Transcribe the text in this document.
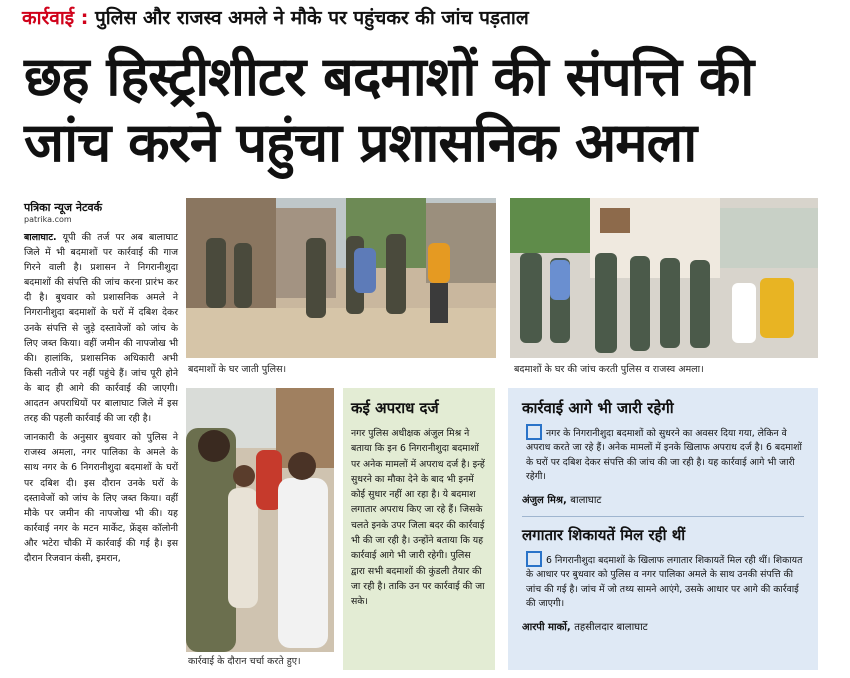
कार्रवाई : पुलिस और राजस्व अमले ने मौके पर पहुंचकर की जांच पड़ताल
छह हिस्ट्रीशीटर बदमाशों की संपत्ति की
जांच करने पहुंचा प्रशासनिक अमला
पत्रिका न्यूज नेटवर्क
patrika.com

बालाघाट. यूपी की तर्ज पर अब बालाघाट जिले में भी बदमाशों पर कार्रवाई की गाज गिरने वाली है। प्रशासन ने निगरानीशुदा बदमाशों की संपत्ति की जांच करना प्रारंभ कर दी है। बुधवार को प्रशासनिक अमले ने निगरानीशुदा बदमाशों के घरों में दबिश देकर उनके संपत्ति से जुड़े दस्तावेजों को जांच के लिए जब्त किया। वहीं जमीन की नापजोख भी की। हालांकि, प्रशासनिक अधिकारी अभी किसी नतीजे पर नहीं पहुंचे हैं। जांच पूरी होने के बाद ही आगे की कार्रवाई की जाएगी। आदतन अपराधियों पर बालाघाट जिले में इस तरह की पहली कार्रवाई की जा रही है।

जानकारी के अनुसार बुधवार को पुलिस ने राजस्व अमला, नगर पालिका के अमले के साथ नगर के 6 निगरानीशुदा बदमाशों के घरों पर दबिश दी। इस दौरान उनके घरों के दस्तावेजों को जांच के लिए जब्त किया। वहीं मौके पर जमीन की नापजोख भी की। यह कार्रवाई नगर के मटन मार्केट, फ्रेंड्स कॉलोनी और भटेरा चौकी में कार्रवाई की गई है। इस दौरान रिजवान कंसी, इमरान,

बदमाशों के घर जाती पुलिस।	बदमाशों के घर की जांच करती पुलिस व राजस्व अमला।
कार्रवाई के दौरान चर्चा करते हुए।
कई अपराध दर्ज
नगर पुलिस अधीक्षक अंजुल मिश्र ने बताया कि इन 6 निगरानीशुदा बदमाशों पर अनेक मामलों में अपराध दर्ज है। इन्हें सुधरने का मौका देने के बाद भी इनमें कोई सुधार नहीं आ रहा है। ये बदमाश लगातार अपराध किए जा रहे हैं। जिसके चलते इनके उपर जिला बदर की कार्रवाई भी की जा रही है। उन्होंने बताया कि यह कार्रवाई आगे भी जारी रहेगी। पुलिस द्वारा सभी बदमाशों की कुंडली तैयार की जा रही है। ताकि उन पर कार्रवाई की जा सके।
कार्रवाई आगे भी जारी रहेगी
नगर के निगरानीशुदा बदमाशों को सुधरने का अवसर दिया गया, लेकिन वे अपराध करते जा रहे हैं। अनेक मामलों में इनके खिलाफ अपराध दर्ज है। 6 बदमाशों के घरों पर दबिश देकर संपत्ति की जांच की जा रही है। यह कार्रवाई आगे भी जारी रहेगी।
अंजुल मिश्र, बालाघाट
लगातार शिकायतें मिल रही थीं
6 निगरानीशुदा बदमाशों के खिलाफ लगातार शिकायतें मिल रही थीं। शिकायत के आधार पर बुधवार को पुलिस व नगर पालिका अमले के साथ उनकी संपत्ति की जांच की गई है। जांच में जो तथ्य सामने आएंगे, उसके आधार पर आगे की कार्रवाई की जाएगी।
आरपी मार्को, तहसीलदार बालाघाट
